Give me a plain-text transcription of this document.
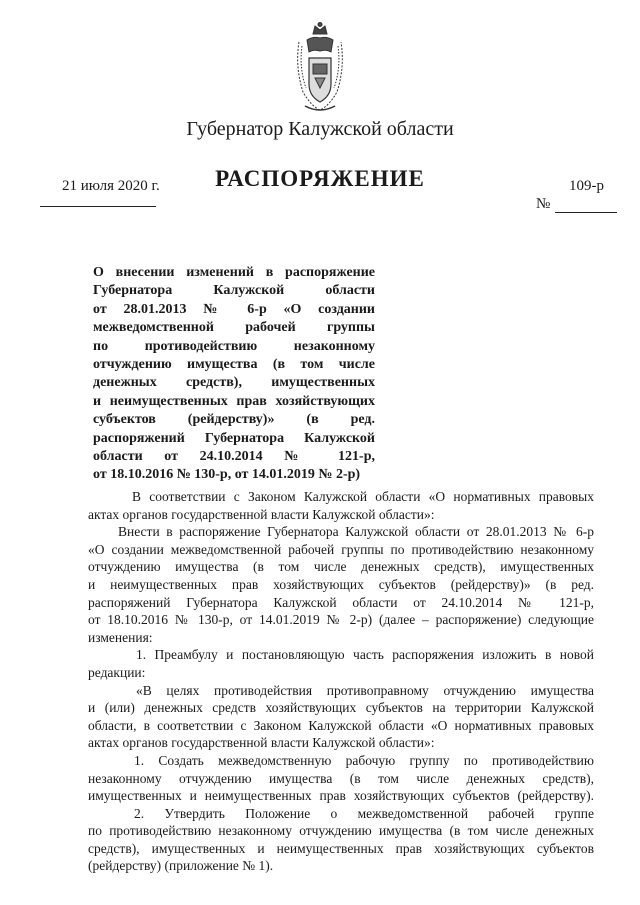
Губернатор Калужской области
21 июля 2020 г.	РАСПОРЯЖЕНИЕ
№
109-р
О внесении изменений в распоряжение
Губернатора Калужской области
от 28.01.2013 № 6-р «О создании
межведомственной рабочей группы
по противодействию незаконному
отчуждению имущества (в том числе
денежных средств), имущественных
и неимущественных прав хозяйствующих
субъектов (рейдерству)» (в ред.
распоряжений Губернатора Калужской
области от 24.10.2014 № 121-р,
от 18.10.2016 № 130-р, от 14.01.2019 № 2-р)
В соответствии с Законом Калужской области «О нормативных правовых
актах органов государственной власти Калужской области»:
Внести в распоряжение Губернатора Калужской области от 28.01.2013 № 6-р
«О создании межведомственной рабочей группы по противодействию незаконному
отчуждению имущества (в том числе денежных средств), имущественных
и неимущественных прав хозяйствующих субъектов (рейдерству)» (в ред.
распоряжений Губернатора Калужской области от 24.10.2014 № 121-р,
от 18.10.2016 № 130-р, от 14.01.2019 № 2-р) (далее – распоряжение) следующие
изменения:
1. Преамбулу и постановляющую часть распоряжения изложить в новой
редакции:
«В целях противодействия противоправному отчуждению имущества
и (или) денежных средств хозяйствующих субъектов на территории Калужской
области, в соответствии с Законом Калужской области «О нормативных правовых
актах органов государственной власти Калужской области»:
1. Создать межведомственную рабочую группу по противодействию
незаконному отчуждению имущества (в том числе денежных средств),
имущественных и неимущественных прав хозяйствующих субъектов (рейдерству).
2. Утвердить Положение о межведомственной рабочей группе
по противодействию незаконному отчуждению имущества (в том числе денежных
средств), имущественных и неимущественных прав хозяйствующих субъектов
(рейдерству) (приложение № 1).
